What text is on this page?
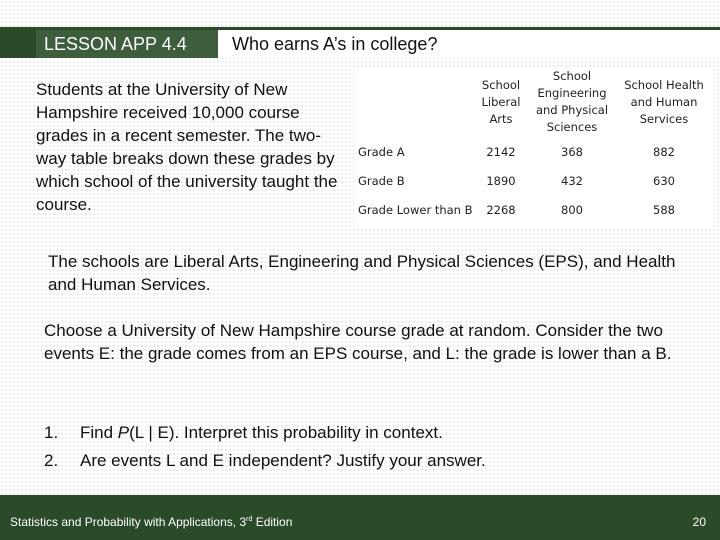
LESSON APP 4.4	Who earns A’s in college?
Students at the University of New Hampshire received 10,000 course grades in a recent semester. The two-way table breaks down these grades by which school of the university taught the course.
	School Liberal Arts	School Engineering and Physical Sciences	School Health and Human Services
Grade A	2142	368	882
Grade B	1890	432	630
Grade Lower than B	2268	800	588
The schools are Liberal Arts, Engineering and Physical Sciences (EPS), and Health and Human Services.
Choose a University of New Hampshire course grade at random. Consider the two events E: the grade comes from an EPS course, and L: the grade is lower than a B.
1.	Find P(L | E). Interpret this probability in context.
2.	Are events L and E independent? Justify your answer.
Statistics and Probability with Applications, 3rd Edition	20
